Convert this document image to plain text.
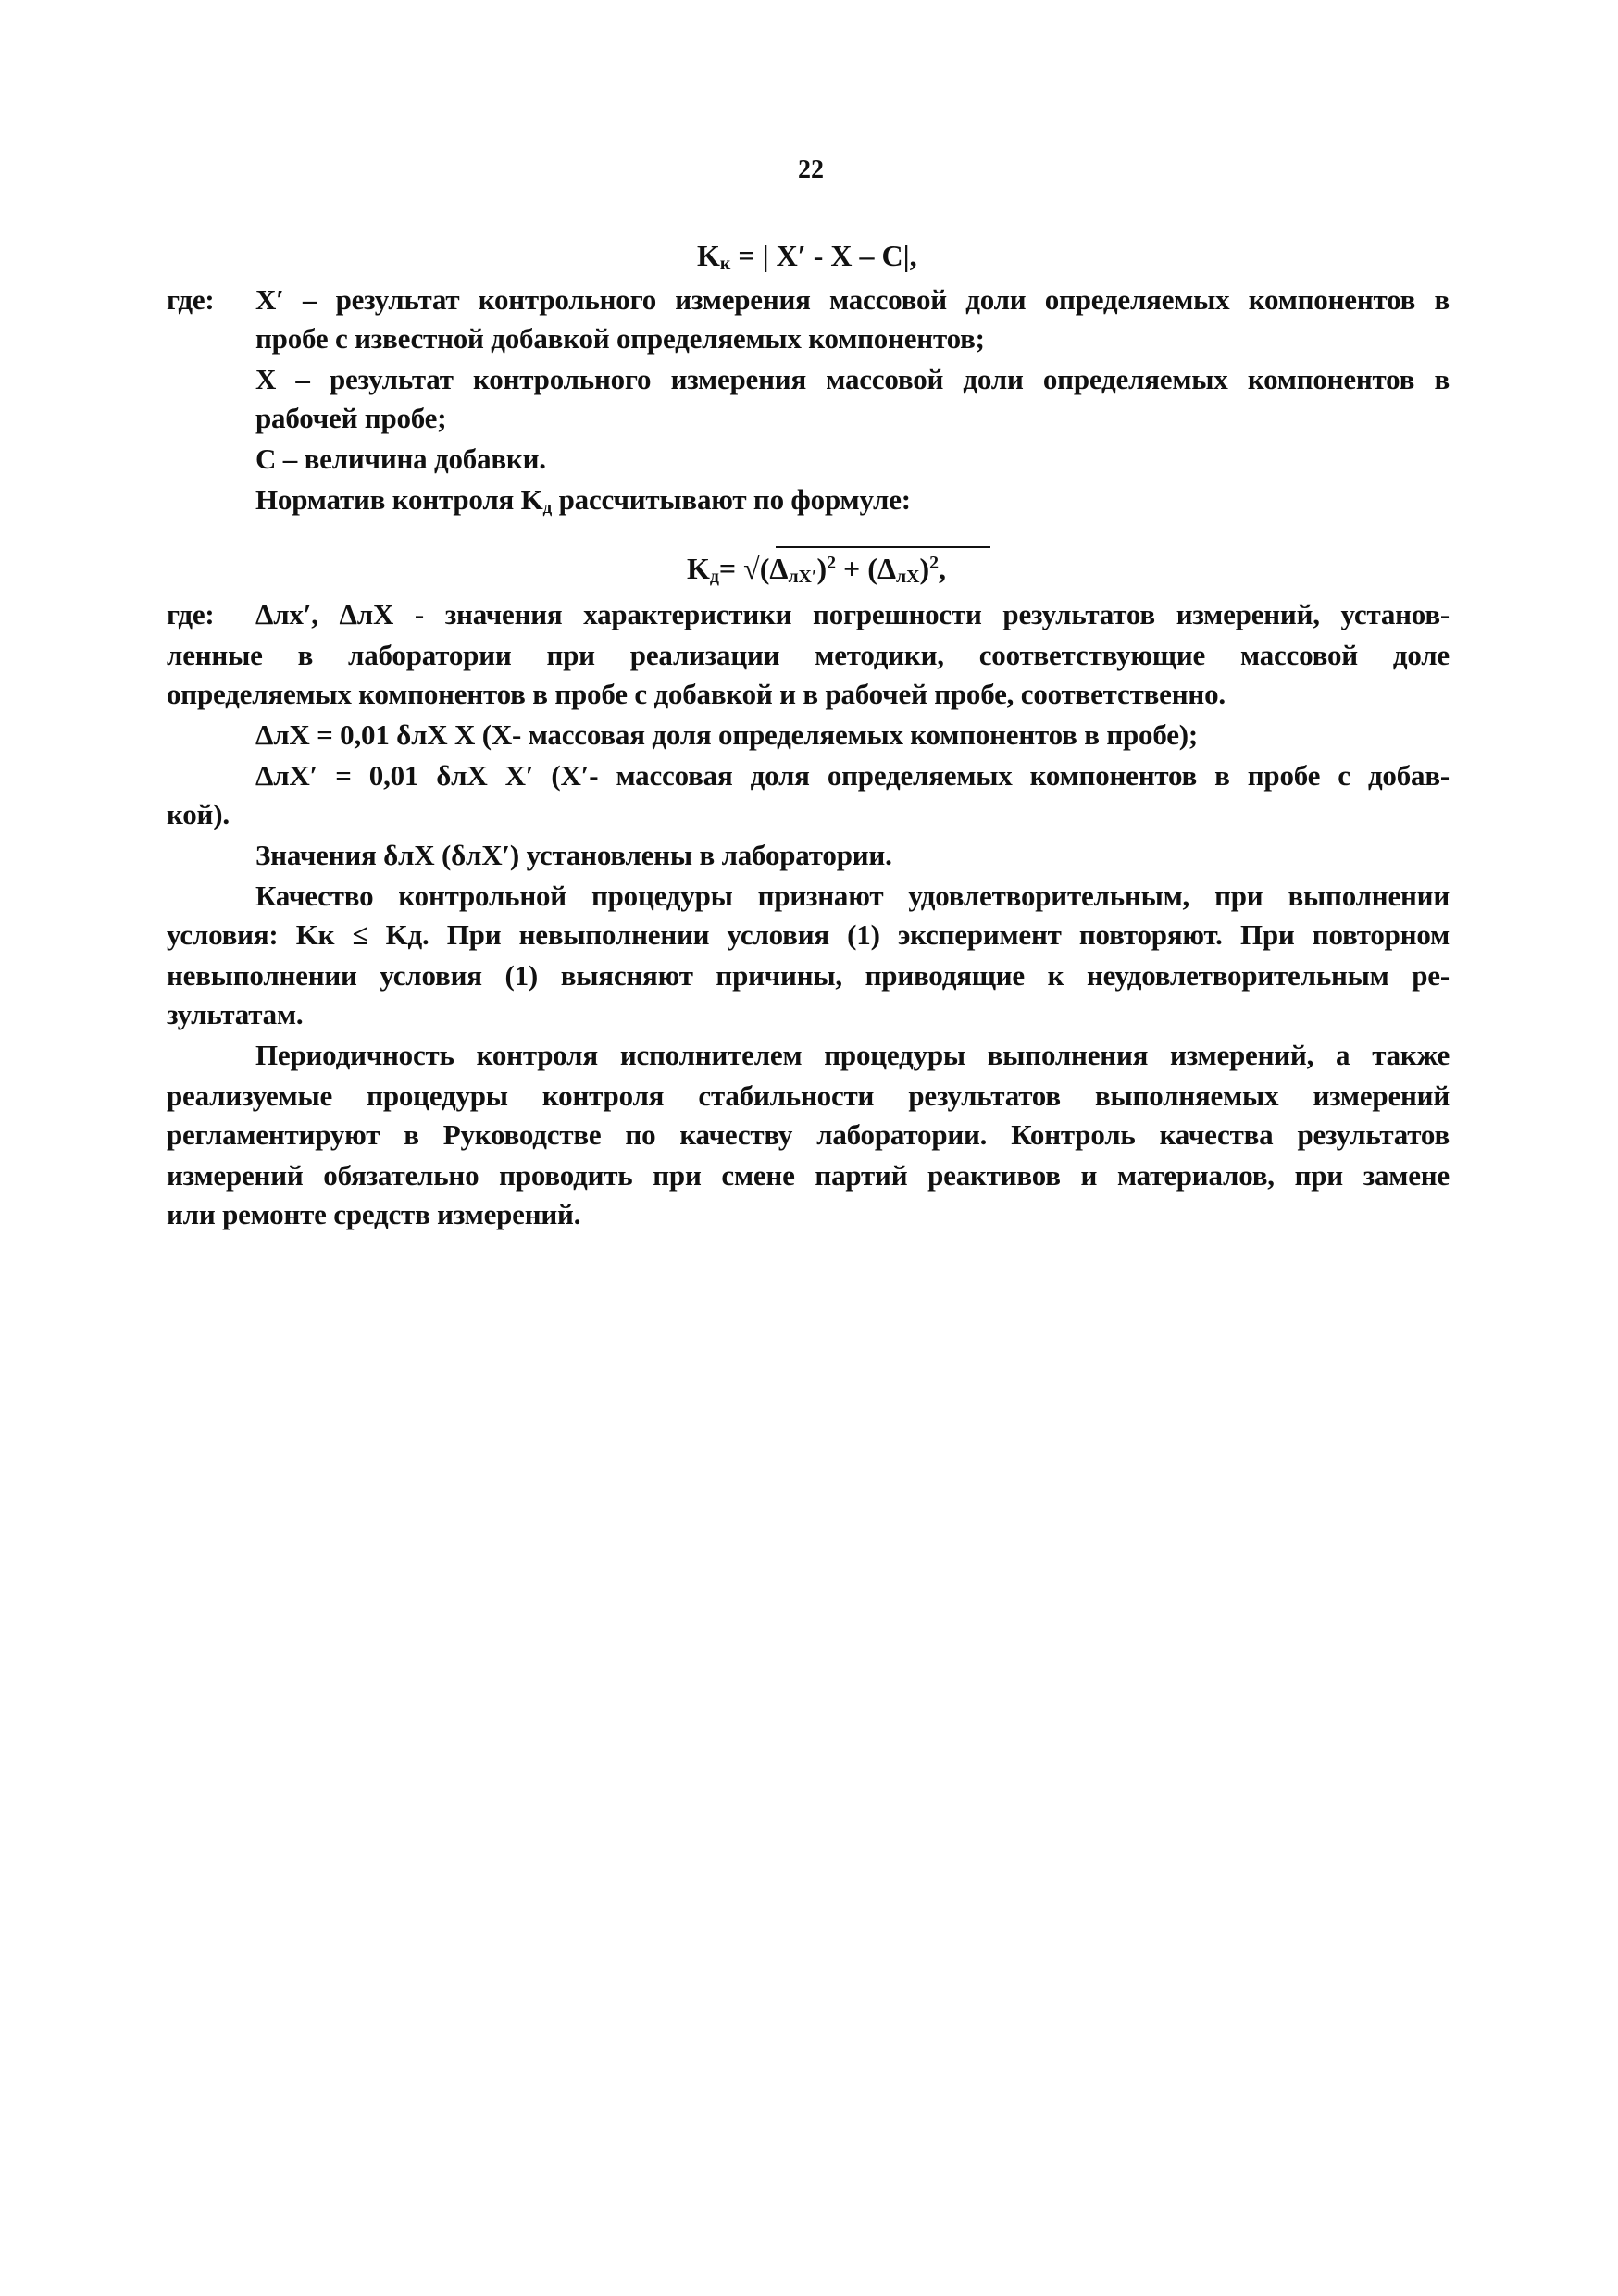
22
$K_к$ = | X′ - X – C|,
где: X′ – результат контрольного измерения массовой доли определяемых компонентов в
пробе с известной добавкой определяемых компонентов;
X – результат контрольного измерения массовой доли определяемых компонентов в
рабочей пробе;
C – величина добавки.
Норматив контроля $K_д$ рассчитывают по формуле:
$K_д= √(\Delta_{лX'})^2 + (\Delta_{лX})^2$,
где: Δлx′, ΔлX - значения характеристики погрешности результатов измерений, установ-
ленные в лаборатории при реализации методики, соответствующие массовой доле
определяемых компонентов в пробе с добавкой и в рабочей пробе, соответственно.
ΔлX = 0,01 δлX X (X- массовая доля определяемых компонентов в пробе);
ΔлX′ = 0,01 δлX X′ (X′- массовая доля определяемых компонентов в пробе с добав-
кой).
Значения δлX (δлX′) установлены в лаборатории.
Качество контрольной процедуры признают удовлетворительным, при выполнении
условия: Kк ≤ Kд. При невыполнении условия (1) эксперимент повторяют. При повторном
невыполнении условия (1) выясняют причины, приводящие к неудовлетворительным ре-
зультатам.
Периодичность контроля исполнителем процедуры выполнения измерений, а также
реализуемые процедуры контроля стабильности результатов выполняемых измерений
регламентируют в Руководстве по качеству лаборатории. Контроль качества результатов
измерений обязательно проводить при смене партий реактивов и материалов, при замене
или ремонте средств измерений.
